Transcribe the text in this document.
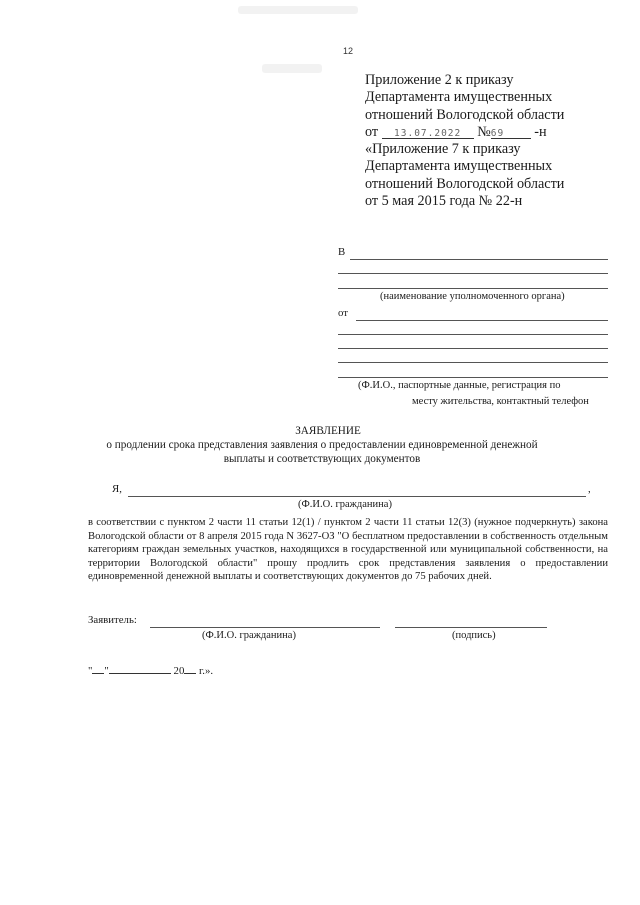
12
Приложение 2 к приказу
Департамента имущественных
отношений Вологодской области
от 13.07.2022 №69 -н
«Приложение 7 к приказу
Департамента имущественных
отношений Вологодской области
от 5 мая 2015 года № 22-н
В
(наименование уполномоченного органа)
от
(Ф.И.О., паспортные данные, регистрация по
месту жительства, контактный телефон
ЗАЯВЛЕНИЕ
о продлении срока представления заявления о предоставлении единовременной денежной
выплаты и соответствующих документов
Я,	,
(Ф.И.О. гражданина)

в соответствии с пунктом 2 части 11 статьи 12(1) / пунктом 2 части 11 статьи 12(3) (нужное подчеркнуть) закона Вологодской области от 8 апреля 2015 года N 3627-ОЗ "О бесплатном предоставлении в собственность отдельным категориям граждан земельных участков, находящихся в государственной или муниципальной собственности, на территории Вологодской области" прошу продлить срок представления заявления о предоставлении единовременной денежной выплаты и соответствующих документов до 75 рабочих дней.

Заявитель:
(Ф.И.О. гражданина)	(подпись)
" "	20 г.».
